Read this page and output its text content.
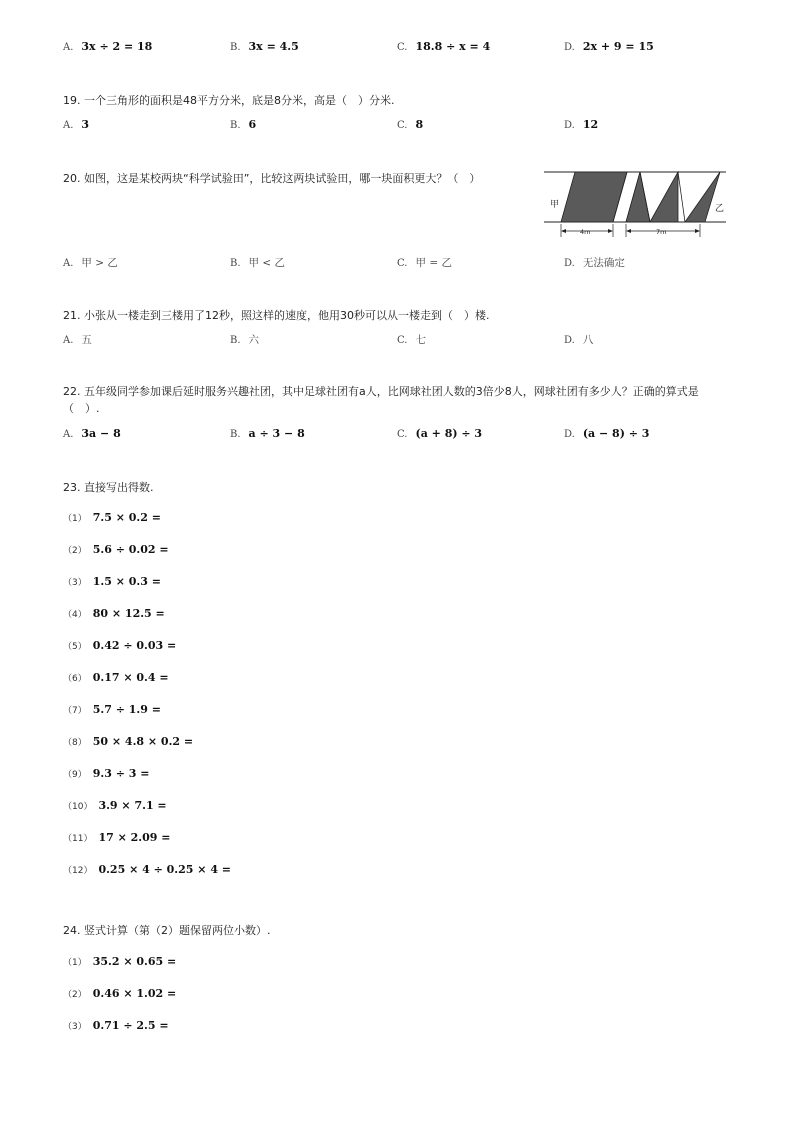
A. 3x ÷ 2 = 18	B. 3x = 4.5	C. 18.8 ÷ x = 4	D. 2x + 9 = 15
19. 一个三角形的面积是48平方分米，底是8分米，高是（　）分米.
A. 3	B. 6	C. 8	D. 12
20. 如图，这是某校两块“科学试验田”，比较这两块试验田，哪一块面积更大？（　）
甲	乙
4m	7m
A. 甲 > 乙	B. 甲 < 乙	C. 甲 = 乙	D. 无法确定
21. 小张从一楼走到三楼用了12秒，照这样的速度，他用30秒可以从一楼走到（　）楼.
A. 五	B. 六	C. 七	D. 八
22. 五年级同学参加课后延时服务兴趣社团，其中足球社团有a人，比网球社团人数的3倍少8人，网球社团有多少人？正确的算式是（　）.
A. 3a − 8	B. a ÷ 3 − 8	C. (a + 8) ÷ 3	D. (a − 8) ÷ 3
23. 直接写出得数.
（1） 7.5 × 0.2 =
（2） 5.6 ÷ 0.02 =
（3） 1.5 × 0.3 =
（4） 80 × 12.5 =
（5） 0.42 ÷ 0.03 =
（6） 0.17 × 0.4 =
（7） 5.7 ÷ 1.9 =
（8） 50 × 4.8 × 0.2 =
（9） 9.3 ÷ 3 =
（10） 3.9 × 7.1 =
（11） 17 × 2.09 =
（12） 0.25 × 4 ÷ 0.25 × 4 =
24. 竖式计算（第（2）题保留两位小数）.
（1） 35.2 × 0.65 =
（2） 0.46 × 1.02 =
（3） 0.71 ÷ 2.5 =
